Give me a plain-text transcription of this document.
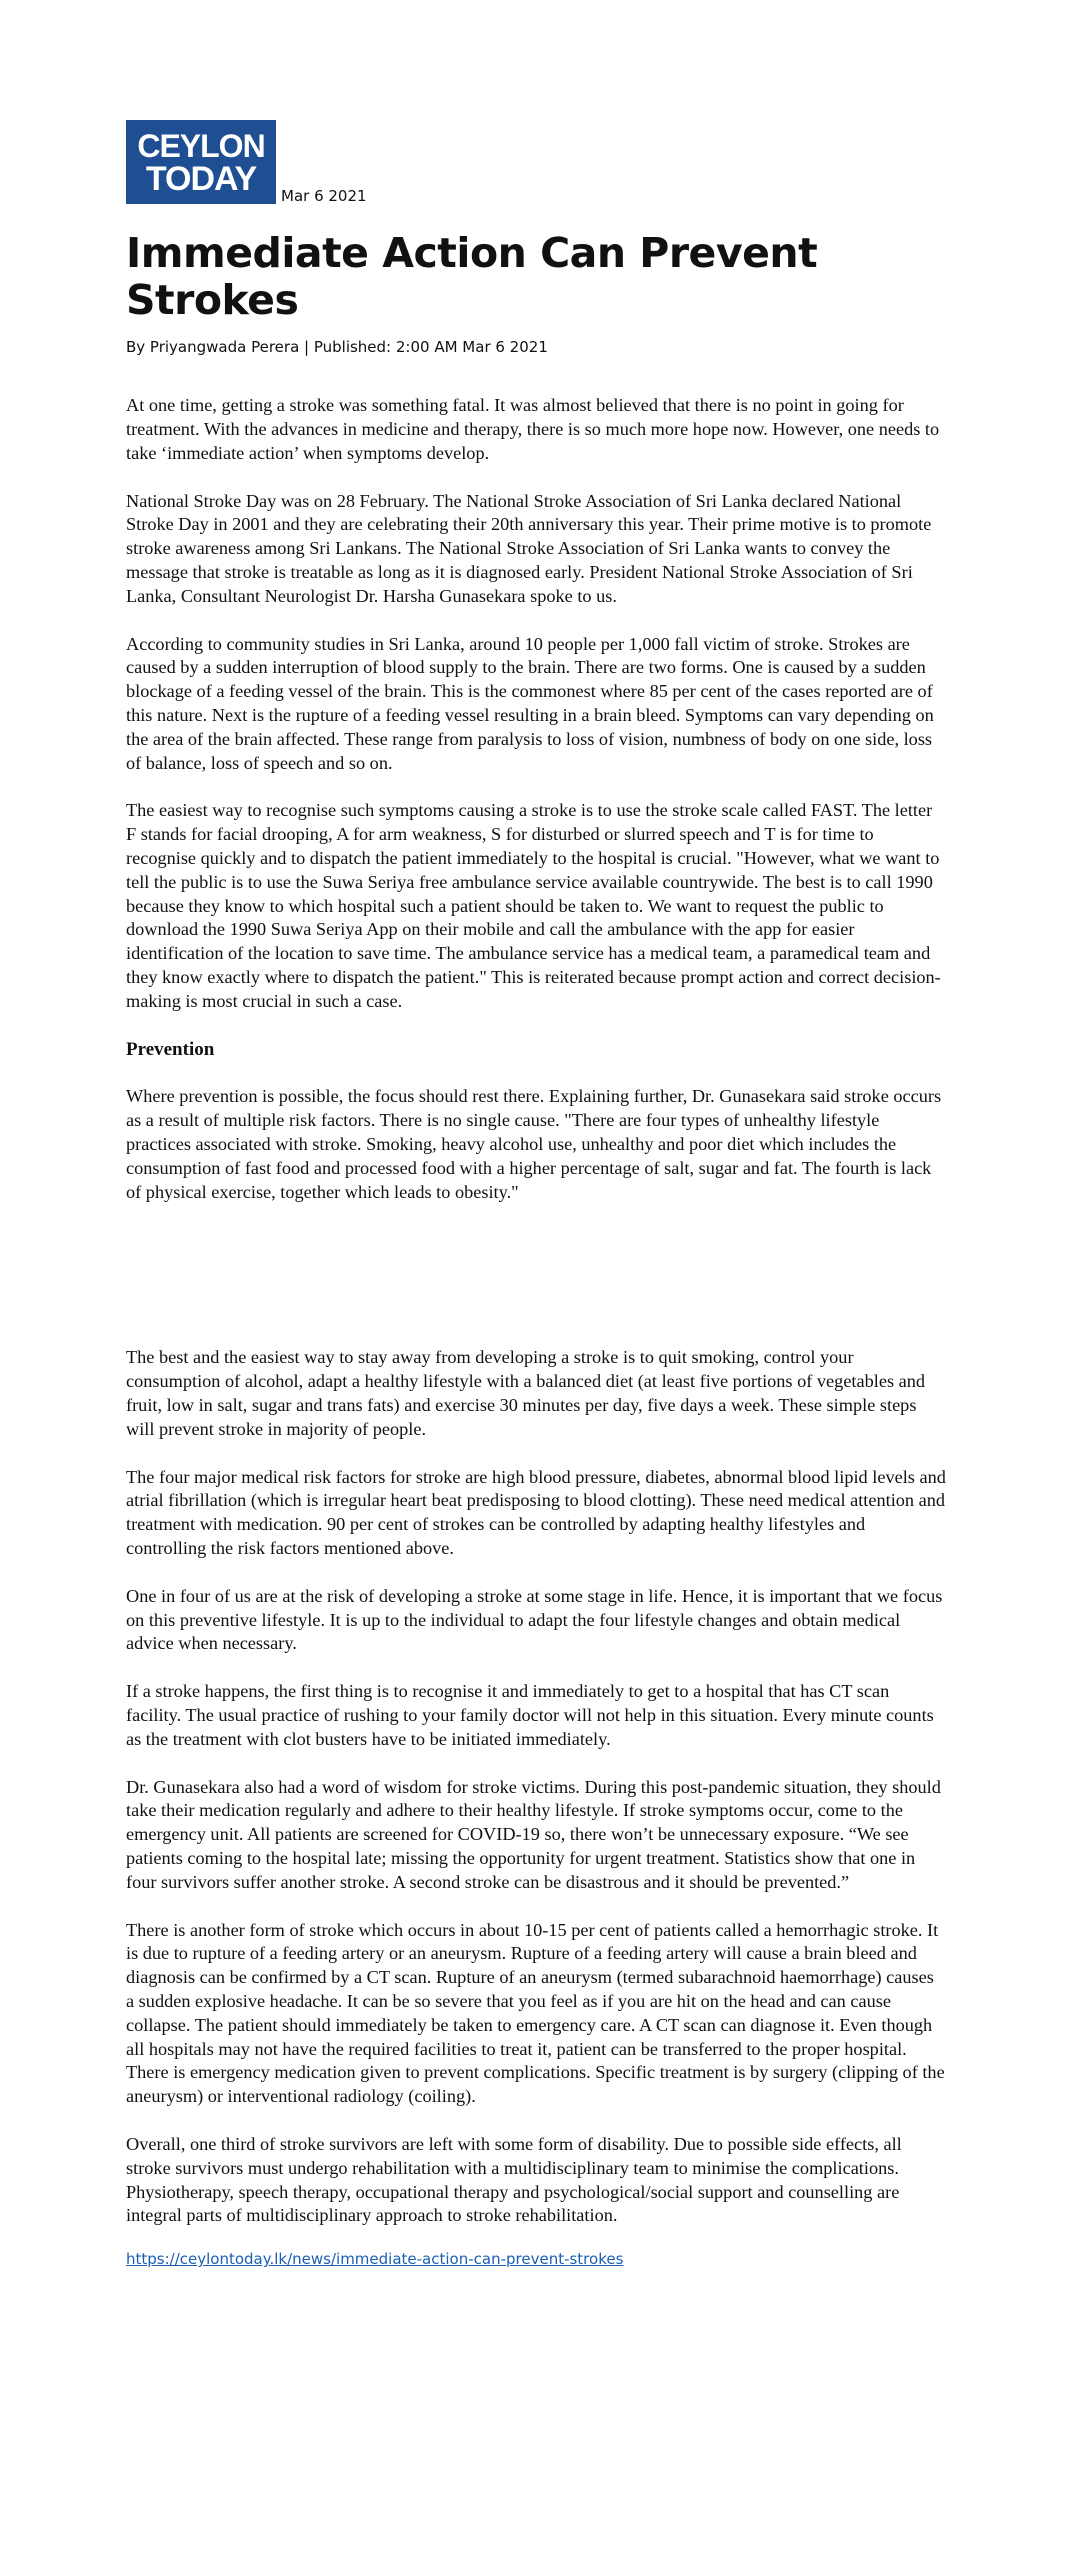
CEYLON
TODAY Mar 6 2021
Immediate Action Can Prevent Strokes
By Priyangwada Perera | Published: 2:00 AM Mar 6 2021

At one time, getting a stroke was something fatal. It was almost believed that there is no point in going for treatment. With the advances in medicine and therapy, there is so much more hope now. However, one needs to take ‘immediate action’ when symptoms develop.

National Stroke Day was on 28 February. The National Stroke Association of Sri Lanka declared National Stroke Day in 2001 and they are celebrating their 20th anniversary this year. Their prime motive is to promote stroke awareness among Sri Lankans. The National Stroke Association of Sri Lanka wants to convey the message that stroke is treatable as long as it is diagnosed early. President National Stroke Association of Sri Lanka, Consultant Neurologist Dr. Harsha Gunasekara spoke to us.

According to community studies in Sri Lanka, around 10 people per 1,000 fall victim of stroke. Strokes are caused by a sudden interruption of blood supply to the brain. There are two forms. One is caused by a sudden blockage of a feeding vessel of the brain. This is the commonest where 85 per cent of the cases reported are of this nature. Next is the rupture of a feeding vessel resulting in a brain bleed. Symptoms can vary depending on the area of the brain affected. These range from paralysis to loss of vision, numbness of body on one side, loss of balance, loss of speech and so on.

The easiest way to recognise such symptoms causing a stroke is to use the stroke scale called FAST. The letter F stands for facial drooping, A for arm weakness, S for disturbed or slurred speech and T is for time to recognise quickly and to dispatch the patient immediately to the hospital is crucial. "However, what we want to tell the public is to use the Suwa Seriya free ambulance service available countrywide. The best is to call 1990 because they know to which hospital such a patient should be taken to. We want to request the public to download the 1990 Suwa Seriya App on their mobile and call the ambulance with the app for easier identification of the location to save time. The ambulance service has a medical team, a paramedical team and they know exactly where to dispatch the patient." This is reiterated because prompt action and correct decision-making is most crucial in such a case.

Prevention

Where prevention is possible, the focus should rest there. Explaining further, Dr. Gunasekara said stroke occurs as a result of multiple risk factors. There is no single cause. "There are four types of unhealthy lifestyle practices associated with stroke. Smoking, heavy alcohol use, unhealthy and poor diet which includes the consumption of fast food and processed food with a higher percentage of salt, sugar and fat. The fourth is lack of physical exercise, together which leads to obesity."

The best and the easiest way to stay away from developing a stroke is to quit smoking, control your consumption of alcohol, adapt a healthy lifestyle with a balanced diet (at least five portions of vegetables and fruit, low in salt, sugar and trans fats) and exercise 30 minutes per day, five days a week. These simple steps will prevent stroke in majority of people.

The four major medical risk factors for stroke are high blood pressure, diabetes, abnormal blood lipid levels and atrial fibrillation (which is irregular heart beat predisposing to blood clotting). These need medical attention and treatment with medication. 90 per cent of strokes can be controlled by adapting healthy lifestyles and controlling the risk factors mentioned above.

One in four of us are at the risk of developing a stroke at some stage in life. Hence, it is important that we focus on this preventive lifestyle. It is up to the individual to adapt the four lifestyle changes and obtain medical advice when necessary.

If a stroke happens, the first thing is to recognise it and immediately to get to a hospital that has CT scan facility. The usual practice of rushing to your family doctor will not help in this situation. Every minute counts as the treatment with clot busters have to be initiated immediately.

Dr. Gunasekara also had a word of wisdom for stroke victims. During this post-pandemic situation, they should take their medication regularly and adhere to their healthy lifestyle. If stroke symptoms occur, come to the emergency unit. All patients are screened for COVID-19 so, there won’t be unnecessary exposure. “We see patients coming to the hospital late; missing the opportunity for urgent treatment. Statistics show that one in four survivors suffer another stroke. A second stroke can be disastrous and it should be prevented.”

There is another form of stroke which occurs in about 10-15 per cent of patients called a hemorrhagic stroke. It is due to rupture of a feeding artery or an aneurysm. Rupture of a feeding artery will cause a brain bleed and diagnosis can be confirmed by a CT scan. Rupture of an aneurysm (termed subarachnoid haemorrhage) causes a sudden explosive headache. It can be so severe that you feel as if you are hit on the head and can cause collapse. The patient should immediately be taken to emergency care. A CT scan can diagnose it. Even though all hospitals may not have the required facilities to treat it, patient can be transferred to the proper hospital. There is emergency medication given to prevent complications. Specific treatment is by surgery (clipping of the aneurysm) or interventional radiology (coiling).

Overall, one third of stroke survivors are left with some form of disability. Due to possible side effects, all stroke survivors must undergo rehabilitation with a multidisciplinary team to minimise the complications. Physiotherapy, speech therapy, occupational therapy and psychological/social support and counselling are integral parts of multidisciplinary approach to stroke rehabilitation.

https://ceylontoday.lk/news/immediate-action-can-prevent-strokes
